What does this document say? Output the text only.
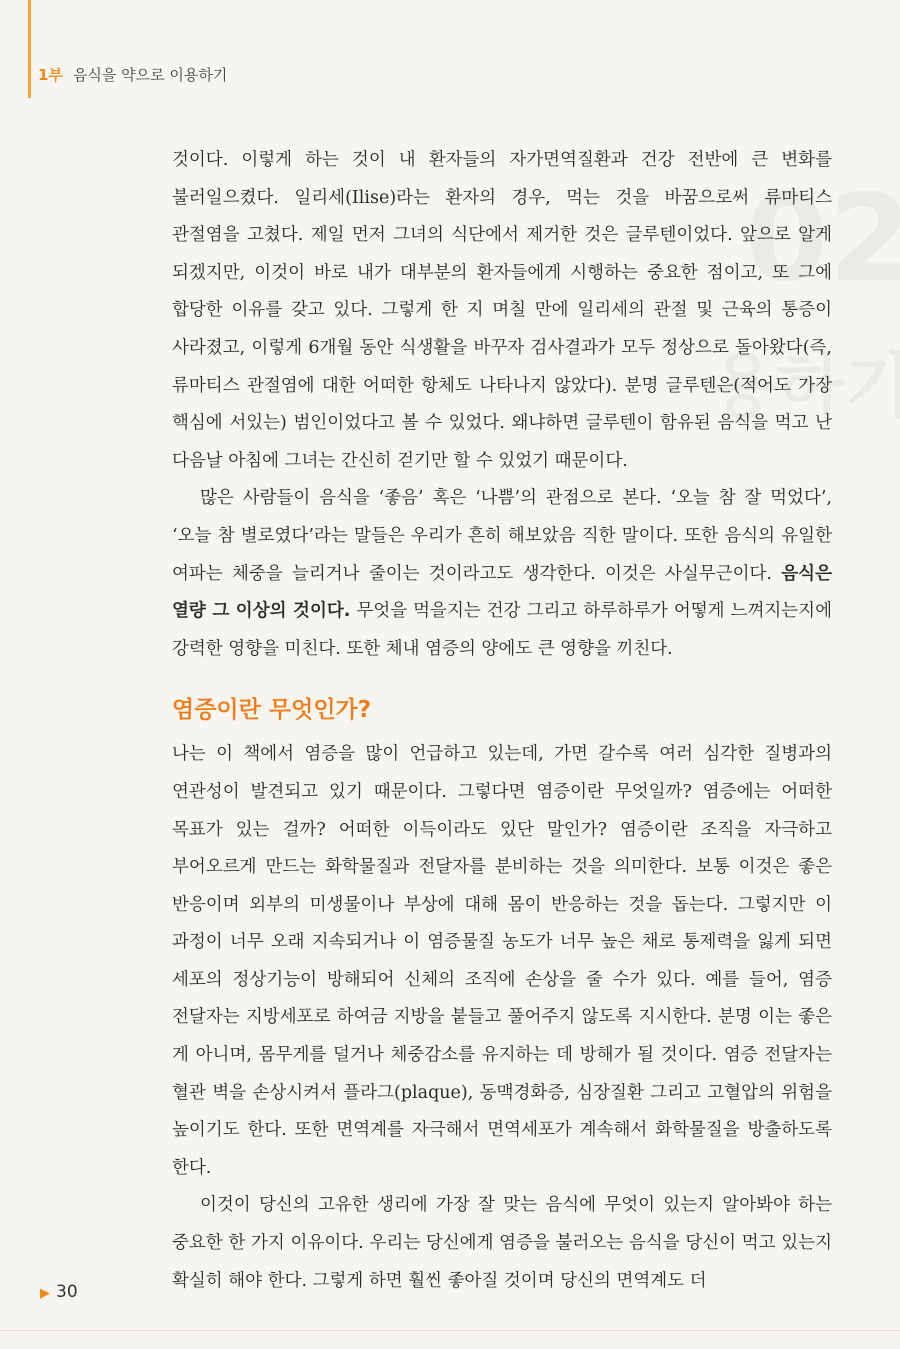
1부 음식을 약으로 이용하기

것이다. 이렇게 하는 것이 내 환자들의 자가면역질환과 건강 전반에 큰 변화를 불러일으켰다. 일리세(Ilise)라는 환자의 경우, 먹는 것을 바꿈으로써 류마티스 관절염을 고쳤다. 제일 먼저 그녀의 식단에서 제거한 것은 글루텐이었다. 앞으로 알게 되겠지만, 이것이 바로 내가 대부분의 환자들에게 시행하는 중요한 점이고, 또 그에 합당한 이유를 갖고 있다. 그렇게 한 지 며칠 만에 일리세의 관절 및 근육의 통증이 사라졌고, 이렇게 6개월 동안 식생활을 바꾸자 검사결과가 모두 정상으로 돌아왔다(즉, 류마티스 관절염에 대한 어떠한 항체도 나타나지 않았다). 분명 글루텐은(적어도 가장 핵심에 서있는) 범인이었다고 볼 수 있었다. 왜냐하면 글루텐이 함유된 음식을 먹고 난 다음날 아침에 그녀는 간신히 걷기만 할 수 있었기 때문이다.

많은 사람들이 음식을 ‘좋음’ 혹은 ‘나쁨’의 관점으로 본다. ‘오늘 참 잘 먹었다’, ‘오늘 참 별로였다’라는 말들은 우리가 흔히 해보았음 직한 말이다. 또한 음식의 유일한 여파는 체중을 늘리거나 줄이는 것이라고도 생각한다. 이것은 사실무근이다. 음식은 열량 그 이상의 것이다. 무엇을 먹을지는 건강 그리고 하루하루가 어떻게 느껴지는지에 강력한 영향을 미친다. 또한 체내 염증의 양에도 큰 영향을 끼친다.

염증이란 무엇인가?

나는 이 책에서 염증을 많이 언급하고 있는데, 가면 갈수록 여러 심각한 질병과의 연관성이 발견되고 있기 때문이다. 그렇다면 염증이란 무엇일까? 염증에는 어떠한 목표가 있는 걸까? 어떠한 이득이라도 있단 말인가? 염증이란 조직을 자극하고 부어오르게 만드는 화학물질과 전달자를 분비하는 것을 의미한다. 보통 이것은 좋은 반응이며 외부의 미생물이나 부상에 대해 몸이 반응하는 것을 돕는다. 그렇지만 이 과정이 너무 오래 지속되거나 이 염증물질 농도가 너무 높은 채로 통제력을 잃게 되면 세포의 정상기능이 방해되어 신체의 조직에 손상을 줄 수가 있다. 예를 들어, 염증 전달자는 지방세포로 하여금 지방을 붙들고 풀어주지 않도록 지시한다. 분명 이는 좋은 게 아니며, 몸무게를 덜거나 체중감소를 유지하는 데 방해가 될 것이다. 염증 전달자는 혈관 벽을 손상시켜서 플라그(plaque), 동맥경화증, 심장질환 그리고 고혈압의 위험을 높이기도 한다. 또한 면역계를 자극해서 면역세포가 계속해서 화학물질을 방출하도록 한다.

이것이 당신의 고유한 생리에 가장 잘 맞는 음식에 무엇이 있는지 알아봐야 하는 중요한 한 가지 이유이다. 우리는 당신에게 염증을 불러오는 음식을 당신이 먹고 있는지 확실히 해야 한다. 그렇게 하면 훨씬 좋아질 것이며 당신의 면역계도 더

▶ 30
